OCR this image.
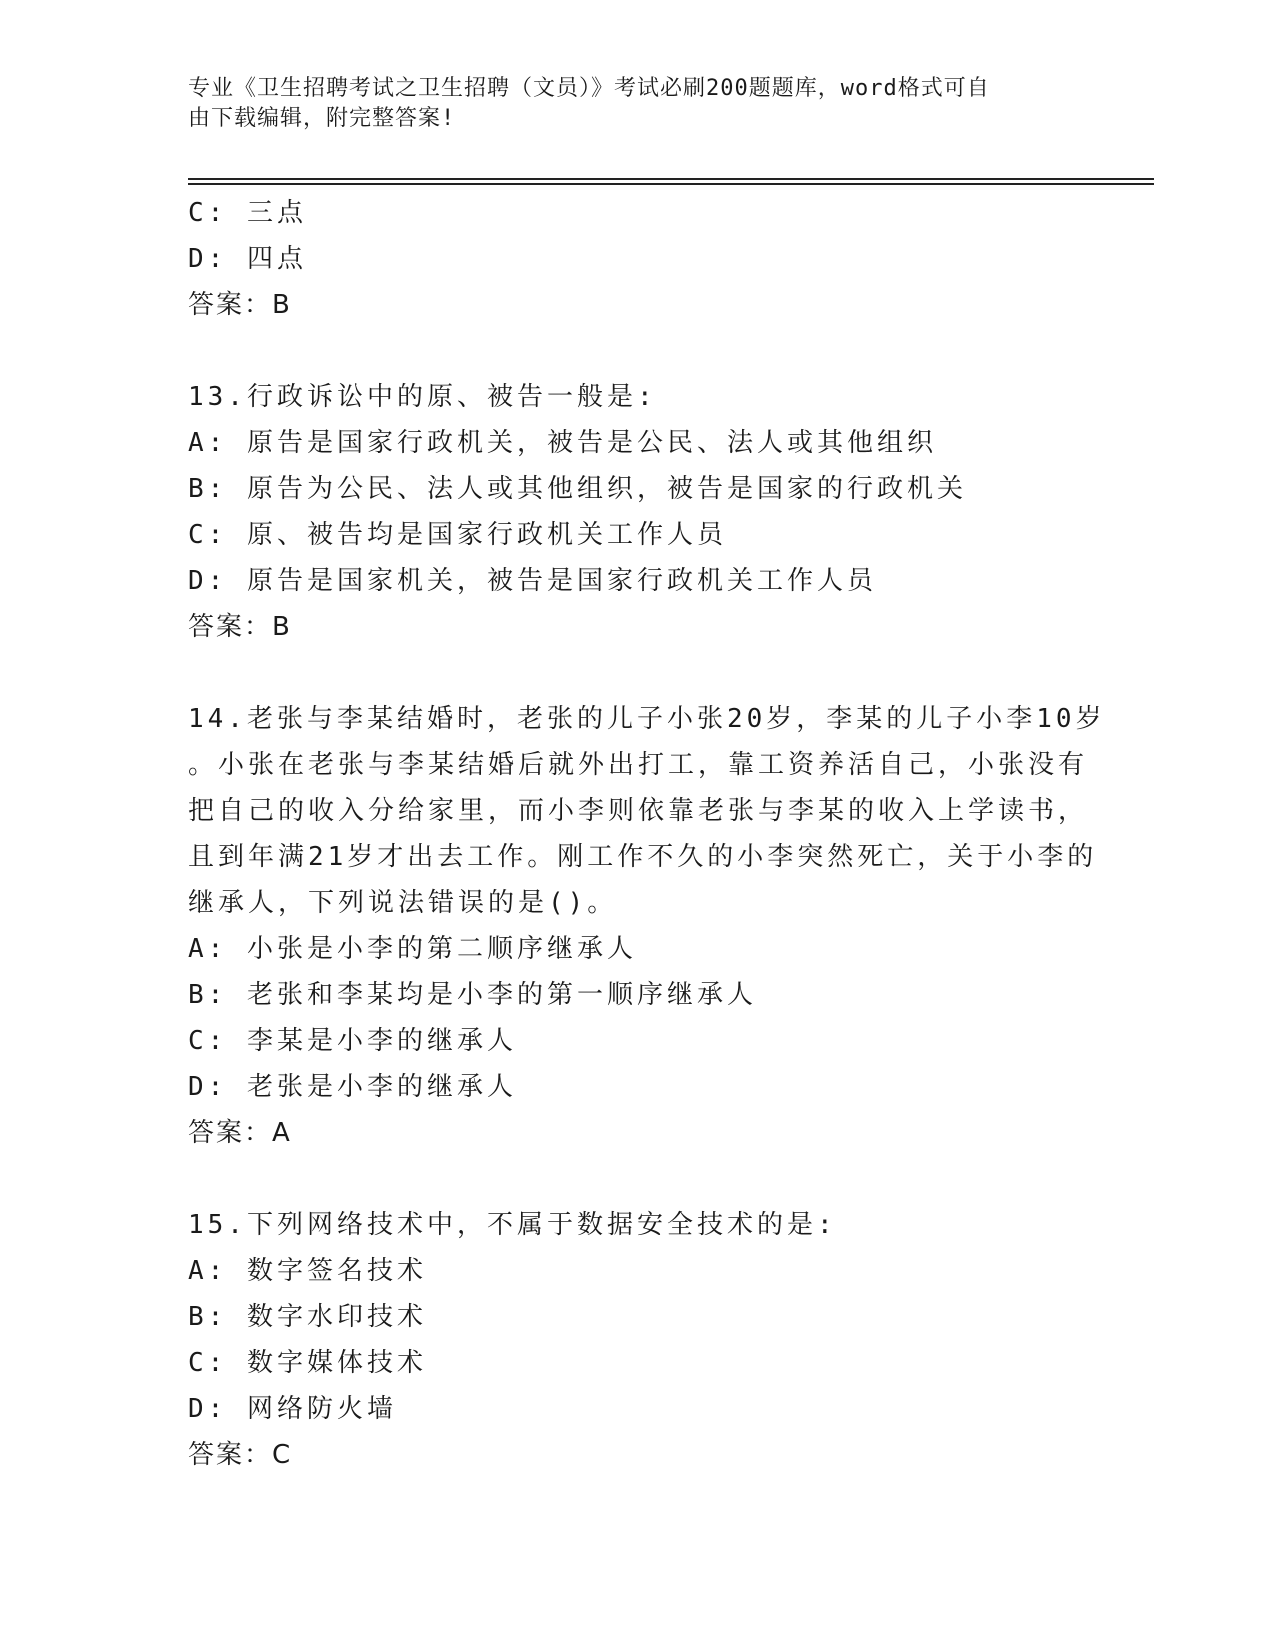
专业《卫生招聘考试之卫生招聘（文员）》考试必刷200题题库，word格式可自
由下载编辑，附完整答案!
C: 三点
D: 四点
答案：B
13.行政诉讼中的原、被告一般是:
A: 原告是国家行政机关，被告是公民、法人或其他组织
B: 原告为公民、法人或其他组织，被告是国家的行政机关
C: 原、被告均是国家行政机关工作人员
D: 原告是国家机关，被告是国家行政机关工作人员
答案：B
14.老张与李某结婚时，老张的儿子小张20岁，李某的儿子小李10岁
。小张在老张与李某结婚后就外出打工，靠工资养活自己，小张没有
把自己的收入分给家里，而小李则依靠老张与李某的收入上学读书，
且到年满21岁才出去工作。刚工作不久的小李突然死亡，关于小李的
继承人，下列说法错误的是()。
A: 小张是小李的第二顺序继承人
B: 老张和李某均是小李的第一顺序继承人
C: 李某是小李的继承人
D: 老张是小李的继承人
答案：A
15.下列网络技术中，不属于数据安全技术的是:
A: 数字签名技术
B: 数字水印技术
C: 数字媒体技术
D: 网络防火墙
答案：C
